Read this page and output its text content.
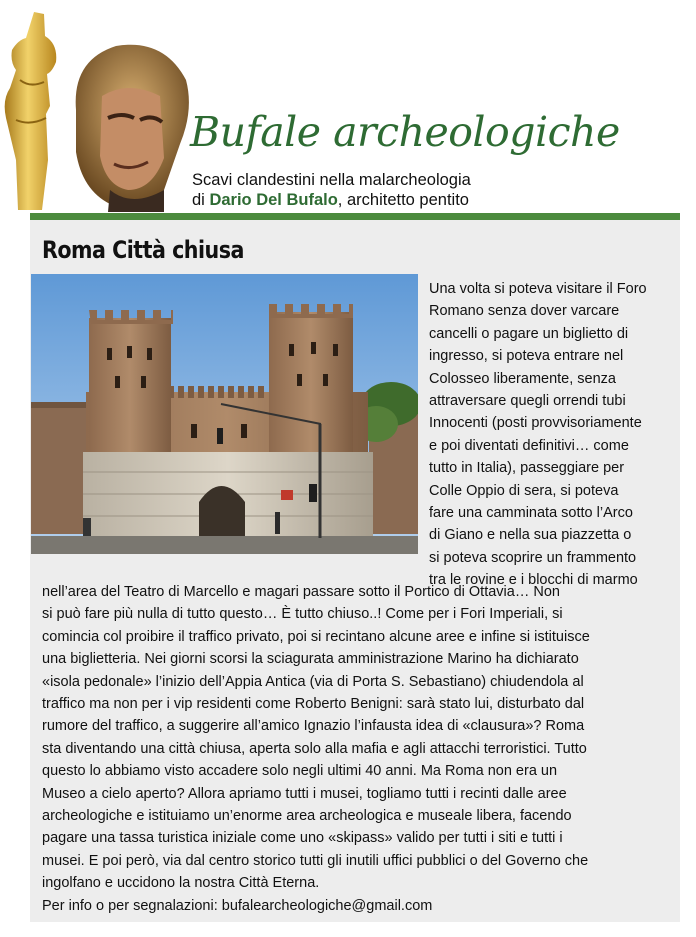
Bufale archeologiche
Scavi clandestini nella malarcheologia
di Dario Del Bufalo, architetto pentito
Roma Città chiusa
Una volta si poteva visitare il Foro
Romano senza dover varcare
cancelli o pagare un biglietto di
ingresso, si poteva entrare nel
Colosseo liberamente, senza
attraversare quegli orrendi tubi
Innocenti (posti provvisoriamente
e poi diventati definitivi… come
tutto in Italia), passeggiare per
Colle Oppio di sera, si poteva
fare una camminata sotto l’Arco
di Giano e nella sua piazzetta o
si poteva scoprire un frammento
tra le rovine e i blocchi di marmo
nell’area del Teatro di Marcello e magari passare sotto il Portico di Ottavia… Non
si può fare più nulla di tutto questo… È tutto chiuso..! Come per i Fori Imperiali, si
comincia col proibire il traffico privato, poi si recintano alcune aree e infine si istituisce
una biglietteria. Nei giorni scorsi la sciagurata amministrazione Marino ha dichiarato
«isola pedonale» l’inizio dell’Appia Antica (via di Porta S. Sebastiano) chiudendola al
traffico ma non per i vip residenti come Roberto Benigni: sarà stato lui, disturbato dal
rumore del traffico, a suggerire all’amico Ignazio l’infausta idea di «clausura»? Roma
sta diventando una città chiusa, aperta solo alla mafia e agli attacchi terroristici. Tutto
questo lo abbiamo visto accadere solo negli ultimi 40 anni. Ma Roma non era un
Museo a cielo aperto? Allora apriamo tutti i musei, togliamo tutti i recinti dalle aree
archeologiche e istituiamo un’enorme area archeologica e museale libera, facendo
pagare una tassa turistica iniziale come uno «skipass» valido per tutti i siti e tutti i
musei. E poi però, via dal centro storico tutti gli inutili uffici pubblici o del Governo che
ingolfano e uccidono la nostra Città Eterna.
Per info o per segnalazioni: bufalearcheologiche@gmail.com
